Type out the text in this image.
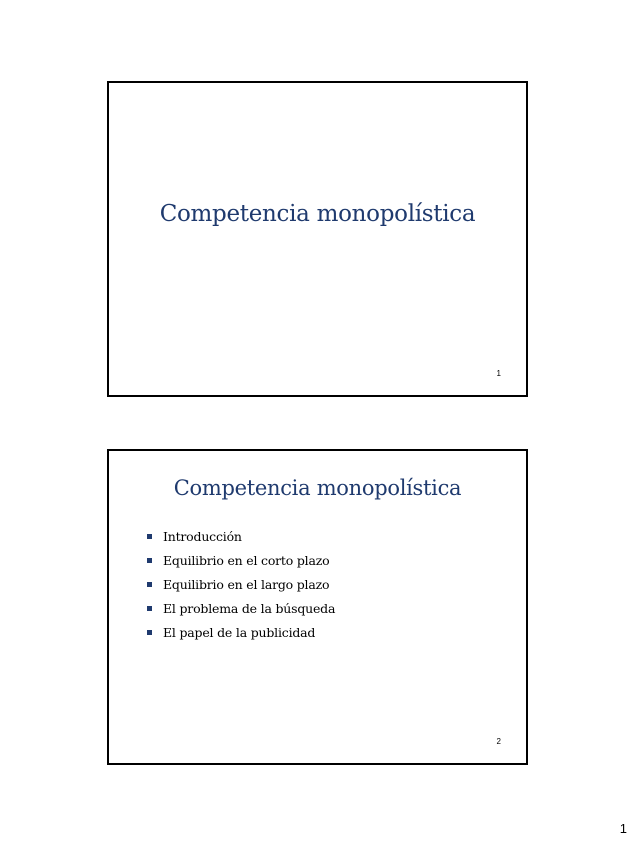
Competencia monopolística
1
Competencia monopolística
Introducción
Equilibrio en el corto plazo
Equilibrio en el largo plazo
El problema de la búsqueda
El papel de la publicidad
2
1
